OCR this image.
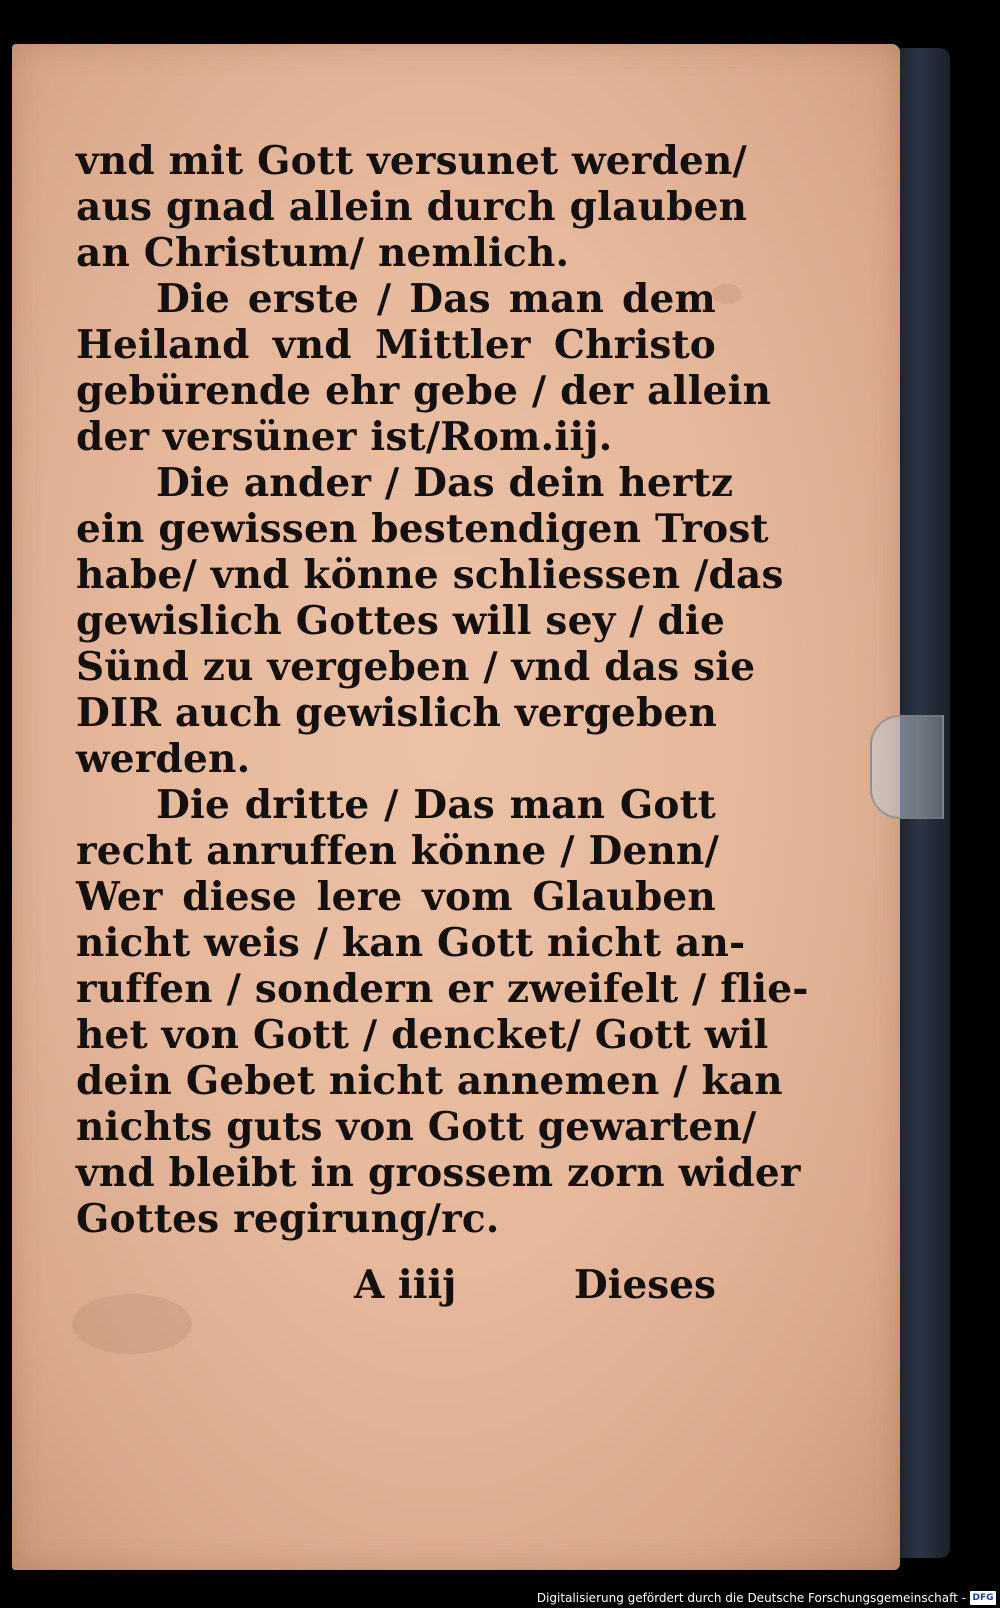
vnd mit Gott versunet werden/
aus gnad allein durch glauben
an Christum/ nemlich.
Die erste / Das man dem
Heiland vnd Mittler Christo
gebürende ehr gebe / der allein
der versüner ist/Rom.iij.
Die ander / Das dein hertz
ein gewissen bestendigen Trost
habe/ vnd könne schliessen /das
gewislich Gottes will sey / die
Sünd zu vergeben / vnd das sie
DIR auch gewislich vergeben
werden.
Die dritte / Das man Gott
recht anruffen könne / Denn/
Wer diese lere vom Glauben
nicht weis / kan Gott nicht an-
ruffen / sondern er zweifelt / flie-
het von Gott / dencket/ Gott wil
dein Gebet nicht annemen / kan
nichts guts von Gott gewarten/
vnd bleibt in grossem zorn wider
Gottes regirung/rc.
A iiij	Dieses
Digitalisierung gefördert durch die Deutsche Forschungsgemeinschaft - DFG
